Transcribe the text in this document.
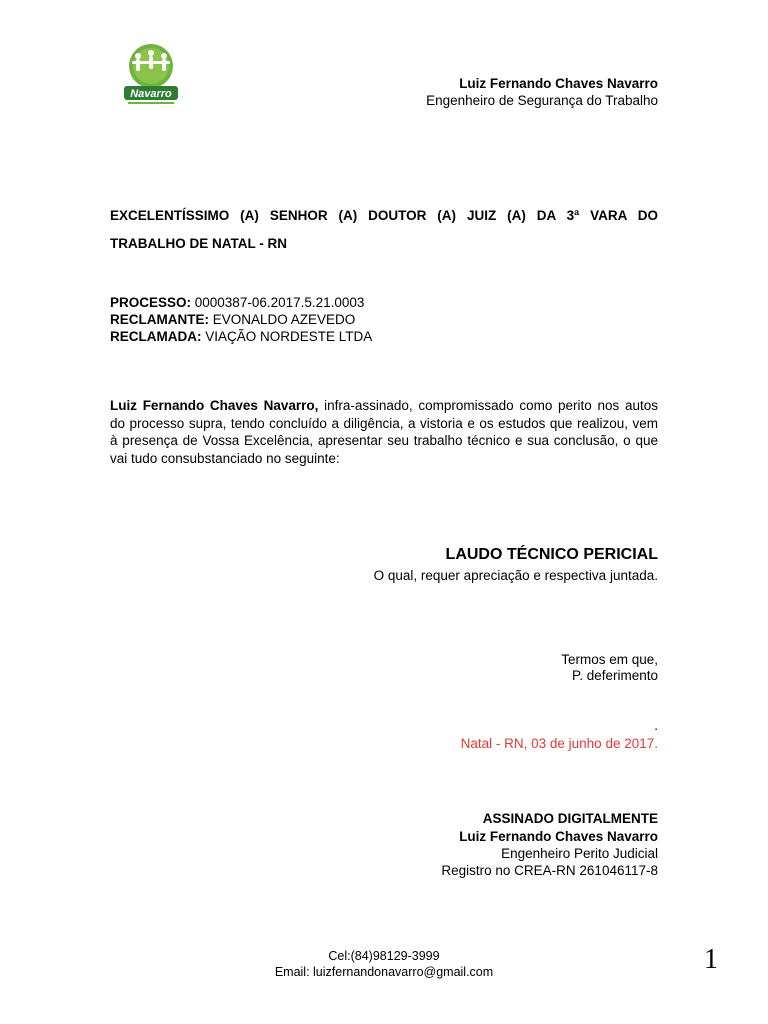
Navarro
Luiz Fernando Chaves Navarro
Engenheiro de Segurança do Trabalho
EXCELENTÍSSIMO (A) SENHOR (A) DOUTOR (A) JUIZ (A) DA 3ª VARA DO TRABALHO DE NATAL - RN
PROCESSO: 0000387-06.2017.5.21.0003
RECLAMANTE: EVONALDO AZEVEDO
RECLAMADA: VIAÇÃO NORDESTE LTDA
Luiz Fernando Chaves Navarro, infra-assinado, compromissado como perito nos autos do processo supra, tendo concluído a diligência, a vistoria e os estudos que realizou, vem à presença de Vossa Excelência, apresentar seu trabalho técnico e sua conclusão, o que vai tudo consubstanciado no seguinte:
LAUDO TÉCNICO PERICIAL
O qual, requer apreciação e respectiva juntada.
Termos em que,
P. deferimento
.
Natal - RN, 03 de junho de 2017.
ASSINADO DIGITALMENTE
Luiz Fernando Chaves Navarro
Engenheiro Perito Judicial
Registro no CREA-RN 261046117-8
Cel:(84)98129-3999
Email: luizfernandonavarro@gmail.com	1
